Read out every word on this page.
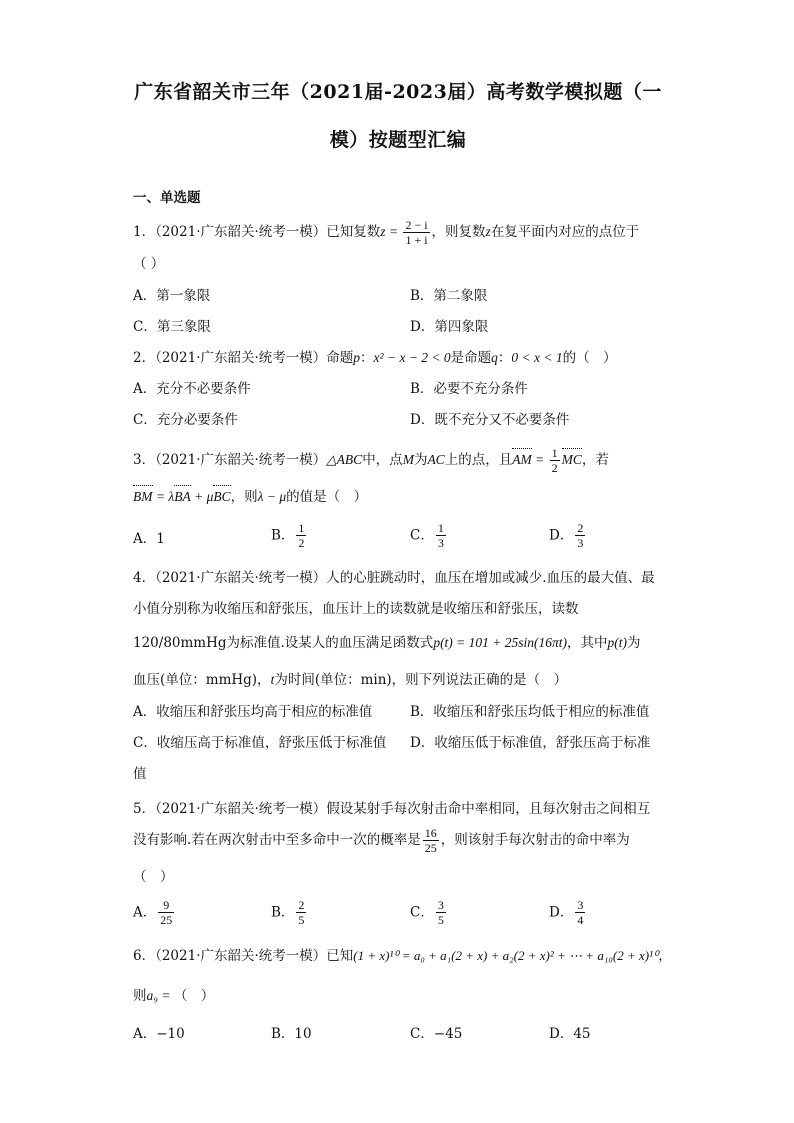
广东省韶关市三年（2021届-2023届）高考数学模拟题（一
模）按题型汇编
一、单选题
1．（2021·广东韶关·统考一模）已知复数$z = \frac{2 - i}{1 + i}$ ，则复数z在复平面内对应的点位于
（ ）
A．第一象限	B．第二象限
C．第三象限	D．第四象限
2．（2021·广东韶关·统考一模）命题p：x² − x − 2 < 0是命题q：0 < x < 1的（　）
A．充分不必要条件	B．必要不充分条件
C．充分必要条件	D．既不充分又不必要条件
3．（2021·广东韶关·统考一模）△ABC中，点M为AC上的点，且AM = $\frac{1}{2}$ MC，若
BM = λBA + μBC，则λ − μ的值是（　）
A．1	B． $\frac{1}{2}$	C． $\frac{1}{3}$	D． $\frac{2}{3}$
4．（2021·广东韶关·统考一模）人的心脏跳动时，血压在增加或减少.血压的最大值、最
小值分别称为收缩压和舒张压，血压计上的读数就是收缩压和舒张压，读数
120/80mmHg为标准值.设某人的血压满足函数式p(t) = 101 + 25sin(16πt)，其中p(t)为
血压(单位：mmHg)，t为时间(单位：min)，则下列说法正确的是（　）
A．收缩压和舒张压均高于相应的标准值	B．收缩压和舒张压均低于相应的标准值
C．收缩压高于标准值，舒张压低于标准值 D．收缩压低于标准值，舒张压高于标准
值
5．（2021·广东韶关·统考一模）假设某射手每次射击命中率相同，且每次射击之间相互
没有影响.若在两次射击中至多命中一次的概率是 $\frac{16}{25}$ ，则该射手每次射击的命中率为
（　）
A． $\frac{9}{25}$	B． $\frac{2}{5}$	C． $\frac{3}{5}$	D． $\frac{3}{4}$
6．（2021·广东韶关·统考一模）已知(1 + x)¹⁰ = a₀ + a₁(2 + x) + a₂(2 + x)² + ⋯ + a₁₀(2 + x)¹⁰，
则a₉ = （　）
A．−10	B．10	C．−45	D．45
